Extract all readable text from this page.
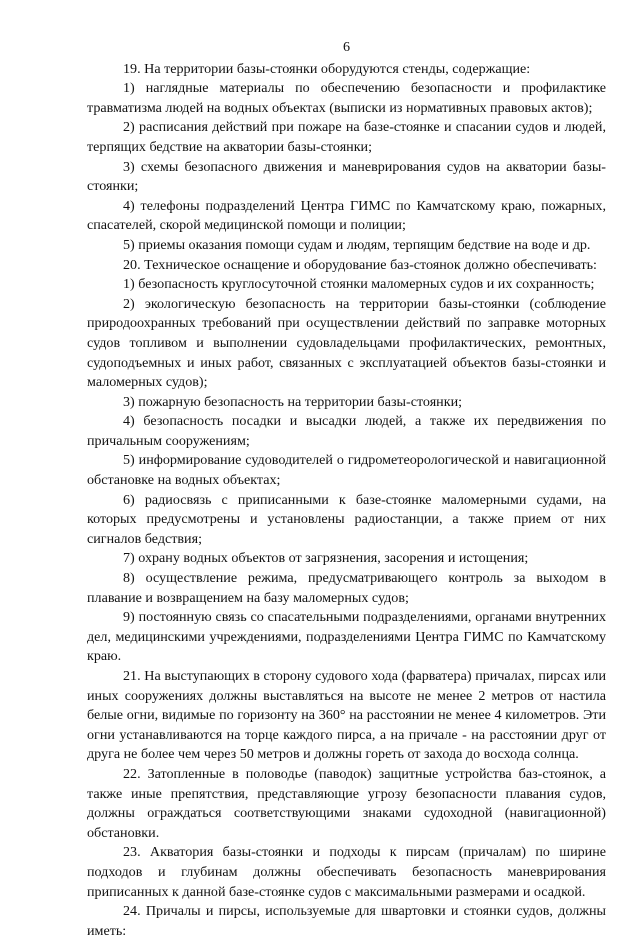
6

19. На территории базы-стоянки оборудуются стенды, содержащие:

1) наглядные материалы по обеспечению безопасности и профилактике травматизма людей на водных объектах (выписки из нормативных правовых актов);

2) расписания действий при пожаре на базе-стоянке и спасании судов и людей, терпящих бедствие на акватории базы-стоянки;

3) схемы безопасного движения и маневрирования судов на акватории базы-стоянки;

4) телефоны подразделений Центра ГИМС по Камчатскому краю, пожарных, спасателей, скорой медицинской помощи и полиции;

5) приемы оказания помощи судам и людям, терпящим бедствие на воде и др.

20. Техническое оснащение и оборудование баз-стоянок должно обеспечивать:

1) безопасность круглосуточной стоянки маломерных судов и их сохранность;

2) экологическую безопасность на территории базы-стоянки (соблюдение природоохранных требований при осуществлении действий по заправке моторных судов топливом и выполнении судовладельцами профилактических, ремонтных, судоподъемных и иных работ, связанных с эксплуатацией объектов базы-стоянки и маломерных судов);

3) пожарную безопасность на территории базы-стоянки;

4) безопасность посадки и высадки людей, а также их передвижения по причальным сооружениям;

5) информирование судоводителей о гидрометеорологической и навигационной обстановке на водных объектах;

6) радиосвязь с приписанными к базе-стоянке маломерными судами, на которых предусмотрены и установлены радиостанции, а также прием от них сигналов бедствия;

7) охрану водных объектов от загрязнения, засорения и истощения;

8) осуществление режима, предусматривающего контроль за выходом в плавание и возвращением на базу маломерных судов;

9) постоянную связь со спасательными подразделениями, органами внутренних дел, медицинскими учреждениями, подразделениями Центра ГИМС по Камчатскому краю.

21. На выступающих в сторону судового хода (фарватера) причалах, пирсах или иных сооружениях должны выставляться на высоте не менее 2 метров от настила белые огни, видимые по горизонту на 360° на расстоянии не менее 4 километров. Эти огни устанавливаются на торце каждого пирса, а на причале - на расстоянии друг от друга не более чем через 50 метров и должны гореть от захода до восхода солнца.

22. Затопленные в половодье (паводок) защитные устройства баз-стоянок, а также иные препятствия, представляющие угрозу безопасности плавания судов, должны ограждаться соответствующими знаками судоходной (навигационной) обстановки.

23. Акватория базы-стоянки и подходы к пирсам (причалам) по ширине подходов и глубинам должны обеспечивать безопасность маневрирования приписанных к данной базе-стоянке судов с максимальными размерами и осадкой.

24. Причалы и пирсы, используемые для швартовки и стоянки судов, должны иметь:
